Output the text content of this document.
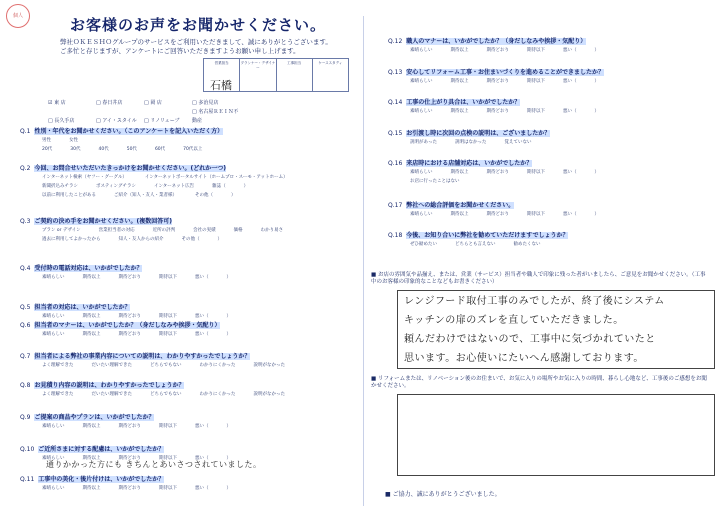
個人	お客様のお声をお聞かせください。
弊社ＯＫＥＳＨＯグループのサービスをご利用いただきまして、誠にありがとうございます。
ご多忙と存じますが、アンケートにご回答いただきますようお願い申し上げます。
営業担当	プランナー・デザイナー
工事担当	ケーススタディ
石橋
☑ 東 店	□ 春日井店	□ 岡 店	□ 多治見店
□ 長久手店	□ アイ・スタイル □ リノリューブ□ 名古屋ＲＥＩＮ不動産
Q.1 性別・年代をお聞かせください。（このアンケートを記入いただく方）
男性	女性
20代	30代	40代	50代	60代	70代以上
Q.2 今回、お問合せいただいたきっかけをお聞かせください。(どれか一つ)
インターネット検索（ヤフー・グーグル）	インターネットポータルサイト（ホームプロ・スーモ・アットホーム）
新聞折込みチラシ	ポスティングチラシ	インターネット広告	雑誌（	）
以前に利用したことがある	ご紹介（知人・友人・業者様）	その他（	）
Q.3 ご契約の決め手をお聞かせください。(複数回答可)
プラン or デザイン	営業担当者の対応	近所の評判	会社の実績	価格	わかり易さ
過去に利用してよかったから	知人・友人からの紹介	その他（	）
Q.4 受付時の電話対応は、いかがでしたか？
素晴らしい	期待以上	期待どおり	期待以下	悪い（	）
Q.5 担当者の対応は、いかがでしたか？
素晴らしい	期待以上	期待どおり	期待以下	悪い（	）
Q.6 担当者のマナーは、いかがでしたか？（身だしなみや挨拶・気配り）
素晴らしい	期待以上	期待どおり	期待以下	悪い（	）
Q.7 担当者による弊社の事業内容についての説明は、わかりやすかったでしょうか？
よく理解できた	だいたい理解できた	どちらでもない	わかりにくかった	説明がなかった
Q.8 お見積り内容の説明は、わかりやすかったでしょうか？
よく理解できた	だいたい理解できた	どちらでもない	わかりにくかった	説明がなかった
Q.9 ご提案の商品やプランは、いかがでしたか？
素晴らしい	期待以上	期待どおり	期待以下	悪い（	）
Q.10 ご近所さまに対する配慮は、いかがでしたか？
素晴らしい	期待以上	期待どおり	期待以下	悪い（	）
Q.11 工事中の美化・後片付けは、いかがでしたか？
素晴らしい	期待以上	期待どおり	期待以下	悪い（	）
通りかかった方にも きちんとあいさつされていました。
Q.12 職人のマナーは、いかがでしたか？（身だしなみや挨拶・気配り）
素晴らしい	期待以上	期待どおり	期待以下	悪い（	）
Q.13 安心してリフォーム工事・お住まいづくりを進めることができましたか？
素晴らしい	期待以上	期待どおり	期待以下	悪い（	）
Q.14 工事の仕上がり具合は、いかがでしたか？
素晴らしい	期待以上	期待どおり	期待以下	悪い（	）
Q.15 お引渡し時に次回の点検の説明は、ございましたか？
説明があった	説明はなかった	覚えていない
Q.16 来店時における店舗対応は、いかがでしたか？
素晴らしい	期待以上	期待どおり	期待以下	悪い（	）
お店に行ったことはない
Q.17 弊社への総合評価をお聞かせください。
素晴らしい	期待以上	期待どおり	期待以下	悪い（	）
Q.18 今後、お知り合いに弊社を勧めていただけますでしょうか？
ぜひ勧めたい	どちらとも言えない	勧めたくない
■ お店の雰囲気や品揃え、または、営業（サービス）担当者や職人で印象に残った者がいましたら、ご意見をお聞かせください。（工事中のお客様の印象的なことなどもお書きください）
レンジフード取付工事のみでしたが、終了後にシステム
キッチンの扉のズレを直していただきました。
頼んだわけではないので、工事中に気づかれていたと
思います。お心使いにたいへん感謝しております。
■ リフォームまたは、リノベーション後のお住まいで、お気に入りの場所やお気に入りの時間、暮らし心地など、工事後のご感想をお聞かせください。
■ ご協力、誠にありがとうございました。
